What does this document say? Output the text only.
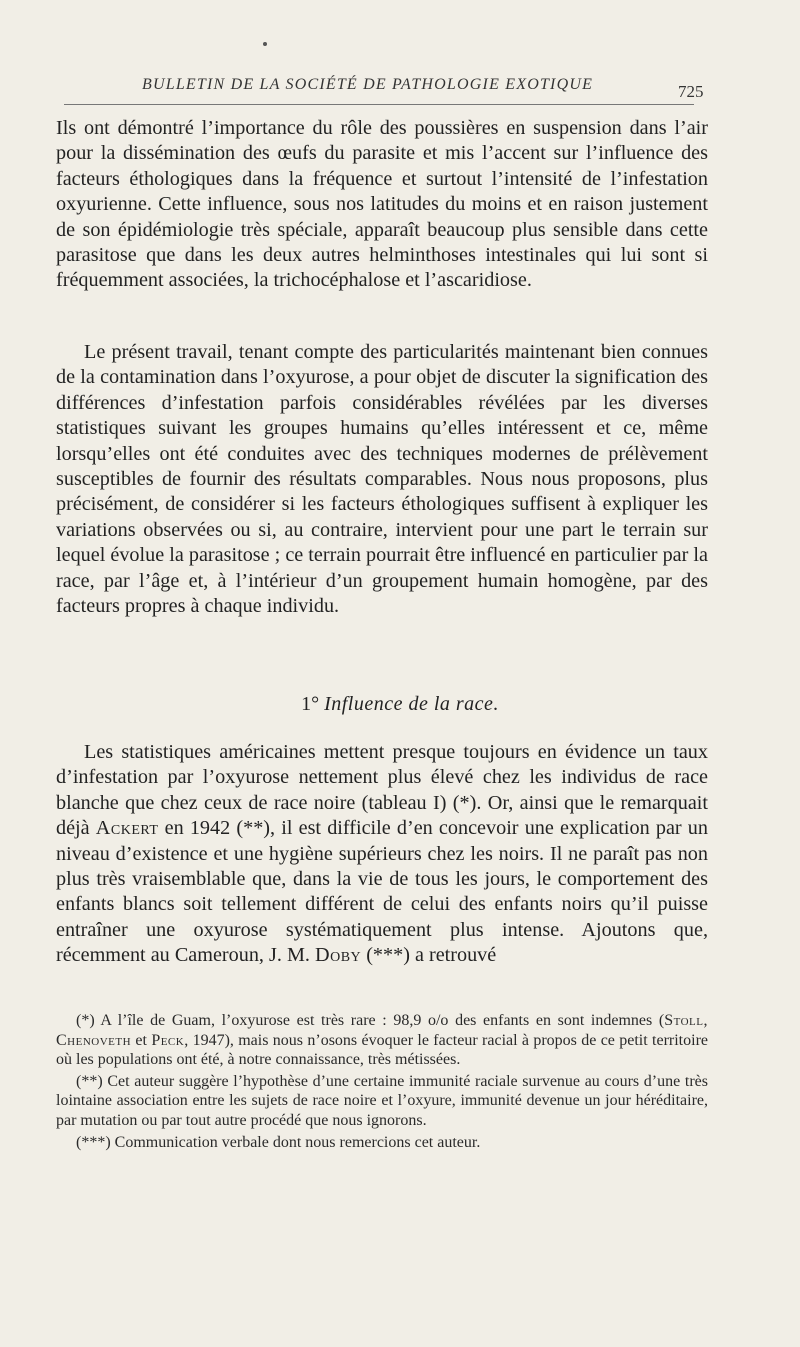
BULLETIN DE LA SOCIÉTÉ DE PATHOLOGIE EXOTIQUE	725

Ils ont démontré l’importance du rôle des poussières en suspension dans l’air pour la dissémination des œufs du parasite et mis l’accent sur l’influence des facteurs éthologiques dans la fréquence et surtout l’intensité de l’infestation oxyurienne. Cette influence, sous nos latitudes du moins et en raison justement de son épidémiologie très spéciale, apparaît beaucoup plus sensible dans cette parasitose que dans les deux autres helminthoses intestinales qui lui sont si fréquemment associées, la trichocéphalose et l’ascaridiose.

Le présent travail, tenant compte des particularités maintenant bien connues de la contamination dans l’oxyurose, a pour objet de discuter la signification des différences d’infestation parfois considérables révélées par les diverses statistiques suivant les groupes humains qu’elles intéressent et ce, même lorsqu’elles ont été conduites avec des techniques modernes de prélèvement susceptibles de fournir des résultats comparables. Nous nous proposons, plus précisément, de considérer si les facteurs éthologiques suffisent à expliquer les variations observées ou si, au contraire, intervient pour une part le terrain sur lequel évolue la parasitose ; ce terrain pourrait être influencé en particulier par la race, par l’âge et, à l’intérieur d’un groupement humain homogène, par des facteurs propres à chaque individu.

1° Influence de la race.

Les statistiques américaines mettent presque toujours en évidence un taux d’infestation par l’oxyurose nettement plus élevé chez les individus de race blanche que chez ceux de race noire (tableau I) (*). Or, ainsi que le remarquait déjà Ackert en 1942 (**), il est difficile d’en concevoir une explication par un niveau d’existence et une hygiène supérieurs chez les noirs. Il ne paraît pas non plus très vraisemblable que, dans la vie de tous les jours, le comportement des enfants blancs soit tellement différent de celui des enfants noirs qu’il puisse entraîner une oxyurose systématiquement plus intense. Ajoutons que, récemment au Cameroun, J. M. Doby (***) a retrouvé

(*) A l’île de Guam, l’oxyurose est très rare : 98,9 o/o des enfants en sont indemnes (Stoll, Chenoveth et Peck, 1947), mais nous n’osons évoquer le facteur racial à propos de ce petit territoire où les populations ont été, à notre connaissance, très métissées.

(**) Cet auteur suggère l’hypothèse d’une certaine immunité raciale survenue au cours d’une très lointaine association entre les sujets de race noire et l’oxyure, immunité devenue un jour héréditaire, par mutation ou par tout autre procédé que nous ignorons.

(***) Communication verbale dont nous remercions cet auteur.
